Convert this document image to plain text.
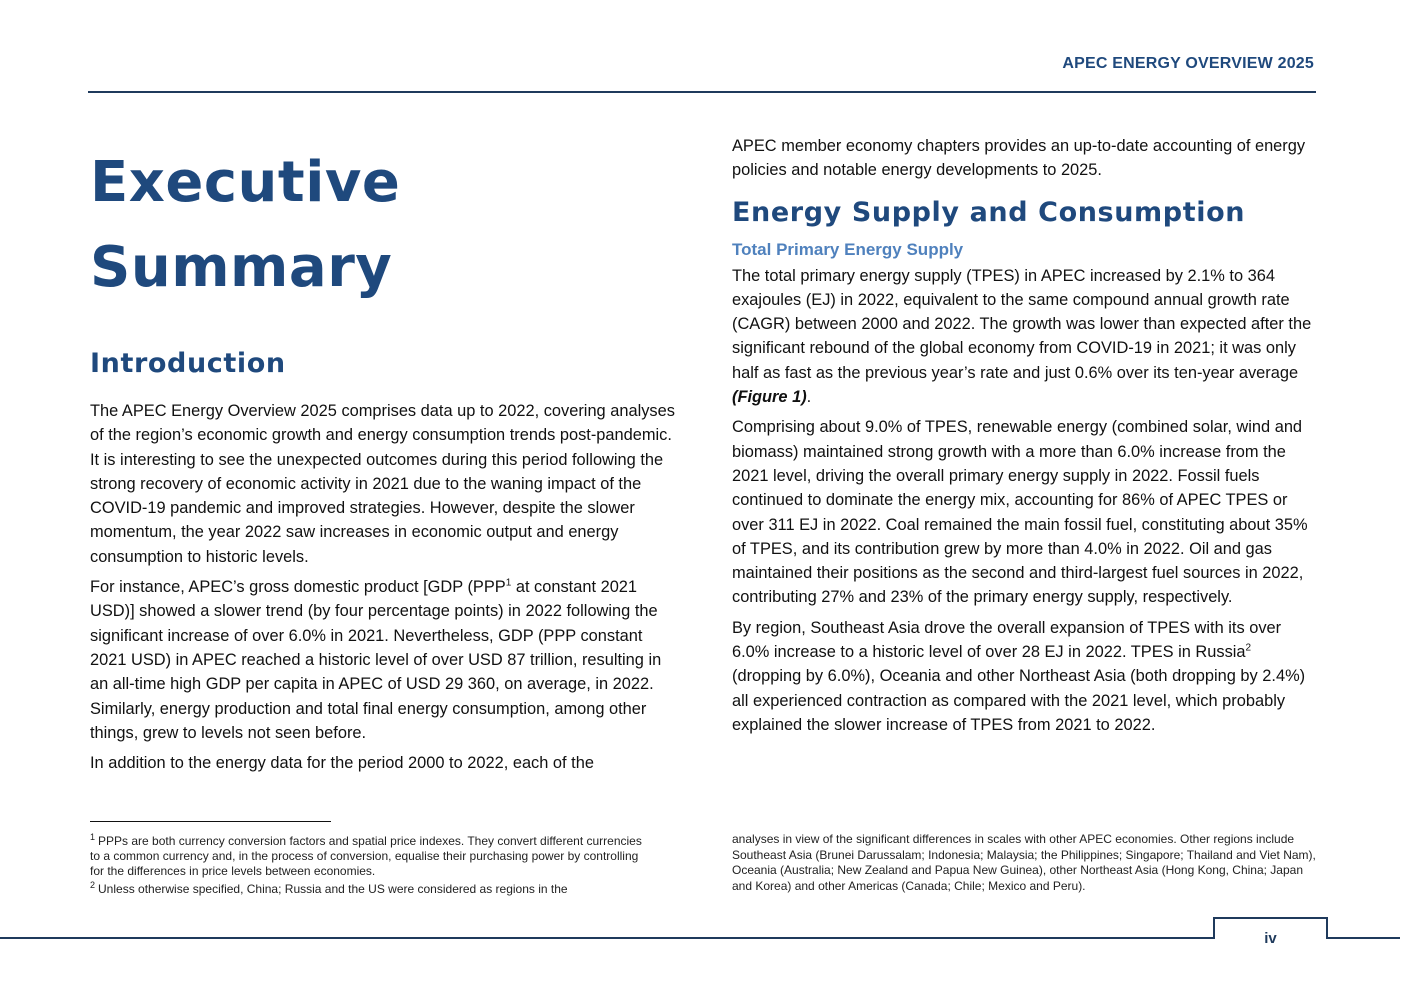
APEC ENERGY OVERVIEW 2025
Executive
Summary
Introduction

The APEC Energy Overview 2025 comprises data up to 2022, covering analyses of the region’s economic growth and energy consumption trends post-pandemic. It is interesting to see the unexpected outcomes during this period following the strong recovery of economic activity in 2021 due to the waning impact of the COVID-19 pandemic and improved strategies. However, despite the slower momentum, the year 2022 saw increases in economic output and energy consumption to historic levels.

For instance, APEC’s gross domestic product [GDP (PPP$^1$ at constant 2021 USD)] showed a slower trend (by four percentage points) in 2022 following the significant increase of over 6.0% in 2021. Nevertheless, GDP (PPP constant 2021 USD) in APEC reached a historic level of over USD 87 trillion, resulting in an all-time high GDP per capita in APEC of USD 29 360, on average, in 2022. Similarly, energy production and total final energy consumption, among other things, grew to levels not seen before.

In addition to the energy data for the period 2000 to 2022, each of the

$^1$ PPPs are both currency conversion factors and spatial price indexes. They convert different currencies to a common currency and, in the process of conversion, equalise their purchasing power by controlling for the differences in price levels between economies.

$^2$ Unless otherwise specified, China; Russia and the US were considered as regions in the

APEC member economy chapters provides an up-to-date accounting of energy policies and notable energy developments to 2025.

Energy Supply and Consumption
Total Primary Energy Supply

The total primary energy supply (TPES) in APEC increased by 2.1% to 364 exajoules (EJ) in 2022, equivalent to the same compound annual growth rate (CAGR) between 2000 and 2022. The growth was lower than expected after the significant rebound of the global economy from COVID-19 in 2021; it was only half as fast as the previous year’s rate and just 0.6% over its ten-year average (Figure 1).

Comprising about 9.0% of TPES, renewable energy (combined solar, wind and biomass) maintained strong growth with a more than 6.0% increase from the 2021 level, driving the overall primary energy supply in 2022. Fossil fuels continued to dominate the energy mix, accounting for 86% of APEC TPES or over 311 EJ in 2022. Coal remained the main fossil fuel, constituting about 35% of TPES, and its contribution grew by more than 4.0% in 2022. Oil and gas maintained their positions as the second and third-largest fuel sources in 2022, contributing 27% and 23% of the primary energy supply, respectively.

By region, Southeast Asia drove the overall expansion of TPES with its over 6.0% increase to a historic level of over 28 EJ in 2022. TPES in Russia$^2$ (dropping by 6.0%), Oceania and other Northeast Asia (both dropping by 2.4%) all experienced contraction as compared with the 2021 level, which probably explained the slower increase of TPES from 2021 to 2022.

analyses in view of the significant differences in scales with other APEC economies. Other regions include Southeast Asia (Brunei Darussalam; Indonesia; Malaysia; the Philippines; Singapore; Thailand and Viet Nam), Oceania (Australia; New Zealand and Papua New Guinea), other Northeast Asia (Hong Kong, China; Japan and Korea) and other Americas (Canada; Chile; Mexico and Peru).
iv
